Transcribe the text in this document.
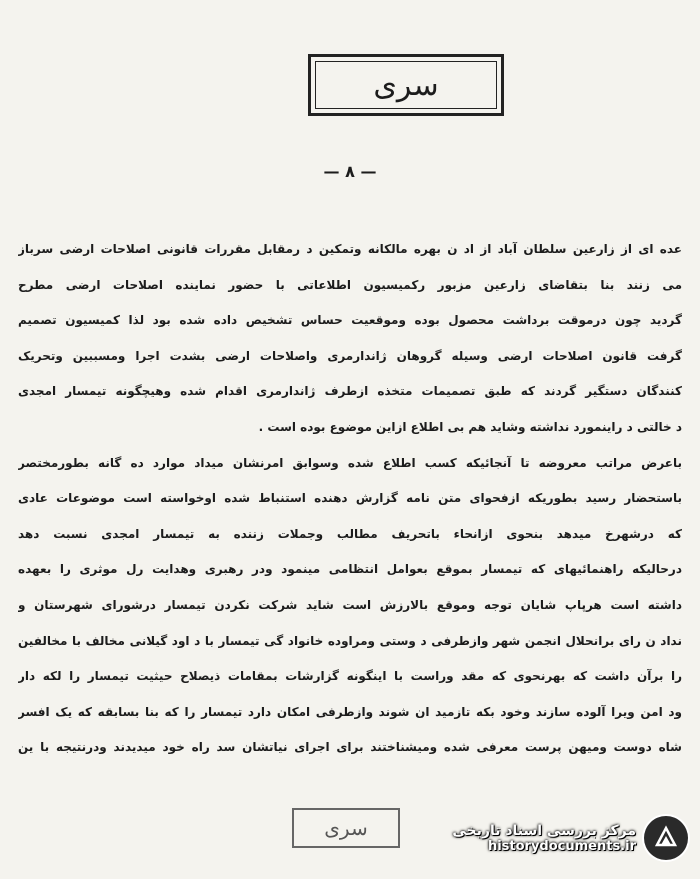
سری
— ۸ —
عده ای از زارعین سلطان آباد از اد ن بهره مالکانه وتمکین د رمقابل مقررات قانونی اصلاحات ارضی سرباز
می زنند بنا بتقاضای زارعین مزبور رکمیسیون اطلاعاتی با حضور نماینده اصلاحات ارضی مطرح
گردید چون درموقت برداشت محصول بوده وموقعیت حساس تشخیص داده شده بود لذا کمیسیون تصمیم
گرفت قانون اصلاحات ارضی وسیله گروهان ژاندارمری واصلاحات ارضی بشدت اجرا ومسببین وتحریک
کنندگان دستگیر گردند که طبق تصمیمات متخذه ازطرف ژاندارمری اقدام شده وهیچگونه تیمسار امجدی
د خالتی د راینمورد نداشته وشاید هم بی اطلاع ازاین موضوع بوده است .
باعرض مراتب معروضه تا آنجائیکه کسب اطلاع شده وسوابق امرنشان میداد موارد ده گانه بطورمختصر
باستحضار رسید بطوریکه ازفحوای متن نامه گزارش دهنده استنباط شده اوخواسته است موضوعات عادی
که درشهرخ میدهد بنحوی ازانحاء باتحریف مطالب وجملات زننده به تیمسار امجدی نسبت دهد
درحالیکه راهنمائیهای که تیمسار بموقع بعوامل انتظامی مینمود ودر رهبری وهدایت رل موثری را بعهده
داشته است هرپاپ شایان توجه وموقع بالارزش است شاید شرکت نکردن تیمسار درشورای شهرستان و
نداد ن رای برانحلال انجمن شهر وازطرفی د وستی ومراوده خانواد گی تیمسار با د اود گیلانی مخالف با مخالفین
را برآن داشت که بهرنحوی که مقد وراست با اینگونه گزارشات بمقامات ذیصلاح حیثیت تیمسار را لکه دار
ود امن ویرا آلوده سازند وخود بکه تازمید ان شوند وازطرفی امکان دارد تیمسار را که بنا بسابقه که یک افسر
شاه دوست ومیهن پرست معرفی شده ومیشناختند برای اجرای نیاتشان سد راه خود میدیدند ودرنتیجه با ین
سری	مرکز بررسی اسناد تاریخی
historydocuments.ir
